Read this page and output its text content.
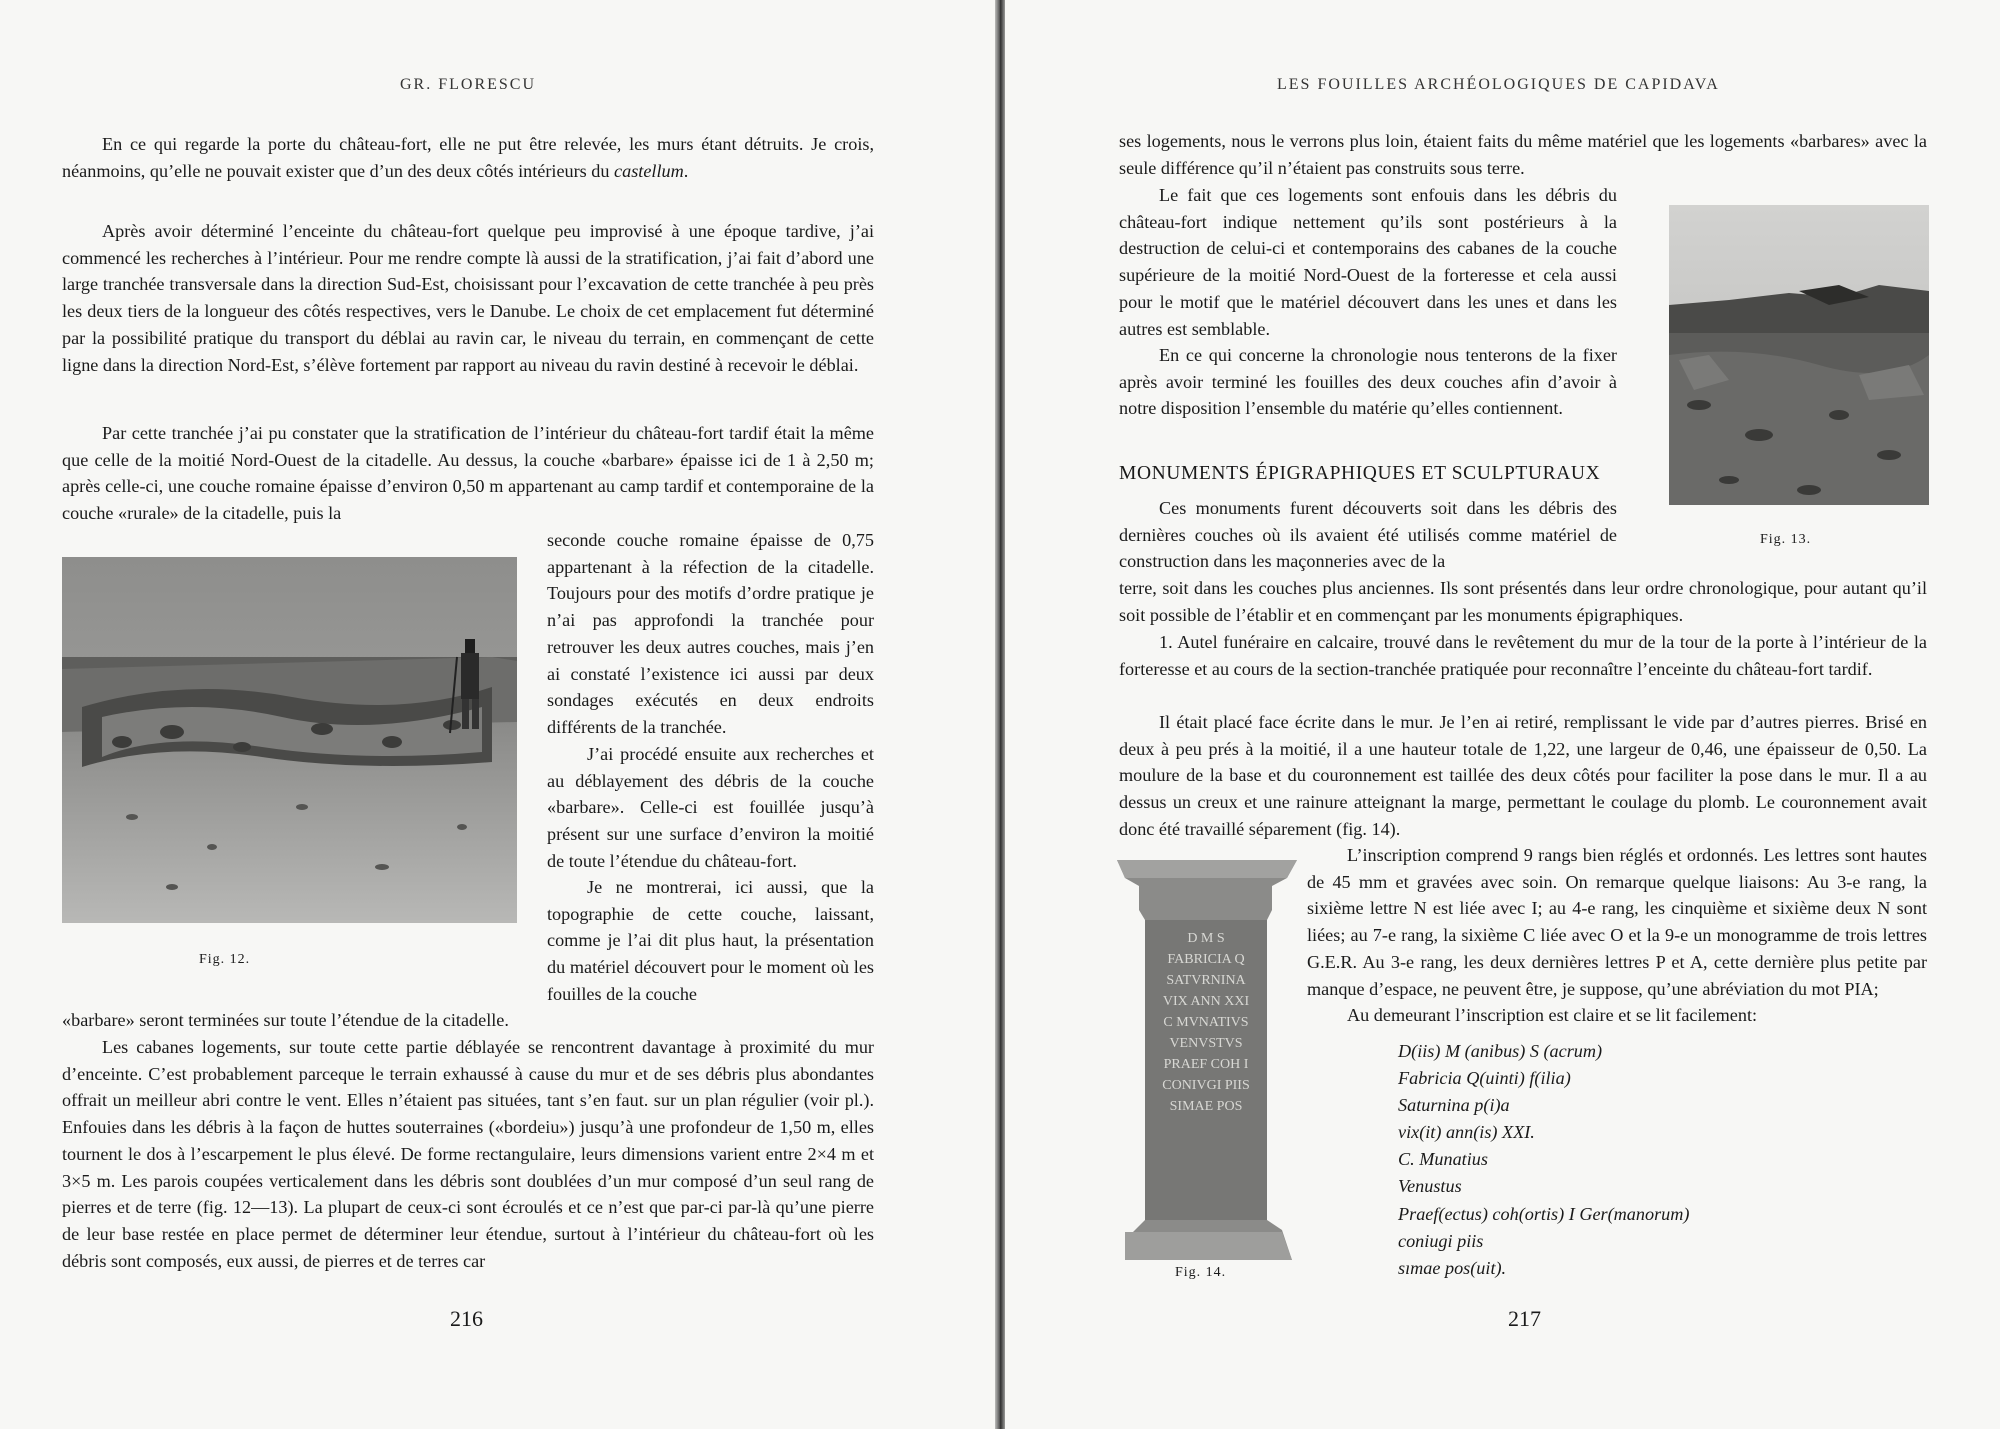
GR. FLORESCU

En ce qui regarde la porte du château-fort, elle ne put être relevée, les murs étant détruits. Je crois, néanmoins, qu’elle ne pouvait exister que d’un des deux côtés intérieurs du castellum.

Après avoir déterminé l’enceinte du château-fort quelque peu improvisé à une époque tardive, j’ai commencé les recherches à l’intérieur. Pour me rendre compte là aussi de la stratification, j’ai fait d’abord une large tranchée transversale dans la direction Sud-Est, choisissant pour l’excavation de cette tranchée à peu près les deux tiers de la longueur des côtés respectives, vers le Danube. Le choix de cet emplacement fut déterminé par la possibilité pratique du transport du déblai au ravin car, le niveau du terrain, en commençant de cette ligne dans la direction Nord-Est, s’élève fortement par rapport au niveau du ravin destiné à recevoir le déblai.

Par cette tranchée j’ai pu constater que la stratification de l’intérieur du château-fort tardif était la même que celle de la moitié Nord-Ouest de la citadelle. Au dessus, la couche «barbare» épaisse ici de 1 à 2,50 m; après celle-ci, une couche romaine épaisse d’environ 0,50 m appartenant au camp tardif et contemporaine de la couche «rurale» de la citadelle, puis la

Fig. 12.

seconde couche romaine épaisse de 0,75 appartenant à la réfection de la citadelle. Toujours pour des motifs d’ordre pratique je n’ai pas approfondi la tranchée pour retrouver les deux autres couches, mais j’en ai constaté l’existence ici aussi par deux sondages exécutés en deux endroits différents de la tranchée.

J’ai procédé ensuite aux recherches et au déblayement des débris de la couche «barbare». Celle-ci est fouillée jusqu’à présent sur une surface d’environ la moitié de toute l’étendue du château-fort.

Je ne montrerai, ici aussi, que la topographie de cette couche, laissant, comme je l’ai dit plus haut, la présentation du matériel découvert pour le moment où les fouilles de la couche

«barbare» seront terminées sur toute l’étendue de la citadelle.

Les cabanes logements, sur toute cette partie déblayée se rencontrent davantage à proximité du mur d’enceinte. C’est probablement parceque le terrain exhaussé à cause du mur et de ses débris plus abondantes offrait un meilleur abri contre le vent. Elles n’étaient pas situées, tant s’en faut. sur un plan régulier (voir pl.). Enfouies dans les débris à la façon de huttes souterraines («bordeiu») jusqu’à une profondeur de 1,50 m, elles tournent le dos à l’escarpement le plus élevé. De forme rectangulaire, leurs dimensions varient entre 2×4 m et 3×5 m. Les parois coupées verticalement dans les débris sont doublées d’un mur composé d’un seul rang de pierres et de terre (fig. 12—13). La plupart de ceux-ci sont écroulés et ce n’est que par-ci par-là qu’une pierre de leur base restée en place permet de déterminer leur étendue, surtout à l’intérieur du château-fort où les débris sont composés, eux aussi, de pierres et de terres car

216
LES FOUILLES ARCHÉOLOGIQUES DE CAPIDAVA

ses logements, nous le verrons plus loin, étaient faits du même matériel que les logements «barbares» avec la seule différence qu’il n’étaient pas construits sous terre.

Le fait que ces logements sont enfouis dans les débris du château-fort indique nettement qu’ils sont postérieurs à la destruction de celui-ci et contemporains des cabanes de la couche supérieure de la moitié Nord-Ouest de la forteresse et cela aussi pour le motif que le matériel découvert dans les unes et dans les autres est semblable.

En ce qui concerne la chronologie nous tenterons de la fixer après avoir terminé les fouilles des deux couches afin d’avoir à notre disposition l’ensemble du matérie qu’elles contiennent.

MONUMENTS ÉPIGRAPHIQUES ET SCULPTURAUX

Ces monuments furent découverts soit dans les débris des dernières couches où ils avaient été utilisés comme matériel de construction dans les maçonneries avec de la

terre, soit dans les couches plus anciennes. Ils sont présentés dans leur ordre chronologique, pour autant qu’il soit possible de l’établir et en commençant par les monuments épigraphiques.

1. Autel funéraire en calcaire, trouvé dans le revêtement du mur de la tour de la porte à l’intérieur de la forteresse et au cours de la section-tranchée pratiquée pour reconnaître l’enceinte du château-fort tardif.

Il était placé face écrite dans le mur. Je l’en ai retiré, remplissant le vide par d’autres pierres. Brisé en deux à peu prés à la moitié, il a une hauteur totale de 1,22, une largeur de 0,46, une épaisseur de 0,50. La moulure de la base et du couronnement est taillée des deux côtés pour faciliter la pose dans le mur. Il a au dessus un creux et une rainure atteignant la marge, permettant le coulage du plomb. Le couronnement avait donc été travaillé séparement (fig. 14).

L’inscription comprend 9 rangs bien réglés et ordonnés. Les lettres sont hautes de 45 mm et gravées avec soin. On remarque quelque liaisons: Au 3-e rang, la sixième lettre N est liée avec I; au 4-e rang, les cinquième et sixième deux N sont liées; au 7-e rang, la sixième C liée avec O et la 9-e un monogramme de trois lettres G.E.R. Au 3-e rang, les deux dernières lettres P et A, cette dernière plus petite par manque d’espace, ne peuvent être, je suppose, qu’une abréviation du mot PIA;

Au demeurant l’inscription est claire et se lit facilement:

Fig. 13.
D M S
FABRICIA Q
SATVRNINA
VIX ANN XXI
C MVNATIVS
VENVSTVS
PRAEF COH I
CONIVGI PIIS
SIMAE POS
Fig. 14.
D(iis) M (anibus) S (acrum)
Fabricia Q(uinti) f(ilia)
Saturnina p(i)a
vix(it) ann(is) XXI.
C. Munatius
Venustus
Praef(ectus) coh(ortis) I Ger(manorum)
coniugi piis
sımae pos(uit).
217
